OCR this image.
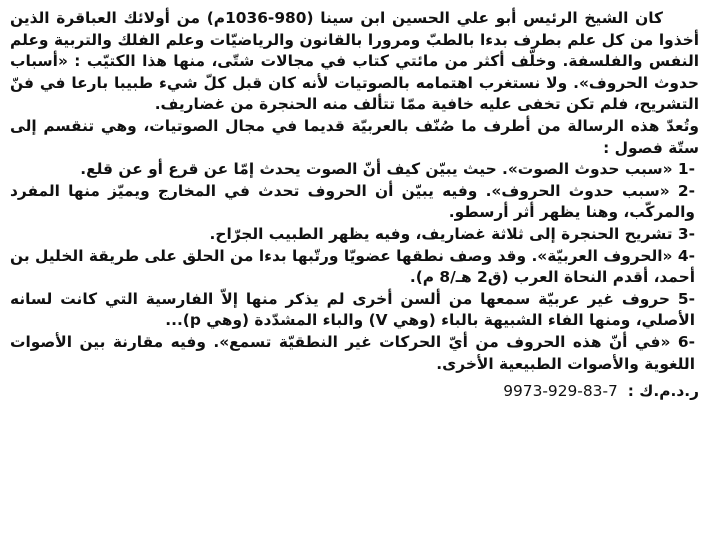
كان الشيخ الرئيس أبو علي الحسين ابن سينا (980-1036م) من أولائك العباقرة الذين أخذوا من كل علم بطرف بدءا بالطبّ ومرورا بالقانون والرياضيّات وعلم الفلك والتربية وعلم النفس والفلسفة. وخلّف أكثر من مائتي كتاب في مجالات شتّى، منها هذا الكتيّب : «أسباب حدوث الحروف». ولا نستغرب اهتمامه بالصوتيات لأنه كان قبل كلّ شيء طبيبا بارعا في فنّ التشريح، فلم تكن تخفى عليه خافية ممّا تتألف منه الحنجرة من غضاريف.

وتُعدّ هذه الرسالة من أطرف ما صُنّف بالعربيّة قديما في مجال الصوتيات، وهي تنقسم إلى ستّة فصول :

1- «سبب حدوث الصوت». حيث يبيّن كيف أنّ الصوت يحدث إمّا عن قرع أو عن قلع.

2- «سبب حدوث الحروف». وفيه يبيّن أن الحروف تحدث في المخارج ويميّز منها المفرد والمركّب، وهنا يظهر أثر أرسطو.

3- تشريح الحنجرة إلى ثلاثة غضاريف، وفيه يظهر الطبيب الجرّاح.

4- «الحروف العربيّة». وقد وصف نطقها عضويّا ورتّبها بدءا من الحلق على طريقة الخليل بن أحمد، أقدم النحاة العرب (ق2 هـ/8 م).

5- حروف غير عربيّة سمعها من ألسن أخرى لم يذكر منها إلاّ الفارسية التي كانت لسانه الأصلي، ومنها الفاء الشبيهة بالباء (وهي V) والباء المشدّدة (وهي p)...

6- «في أنّ هذه الحروف من أيّ الحركات غير النطقيّة تسمع». وفيه مقارنة بين الأصوات اللغوية والأصوات الطبيعية الأخرى.

ر.د.م.ك :9973-929-83-7
